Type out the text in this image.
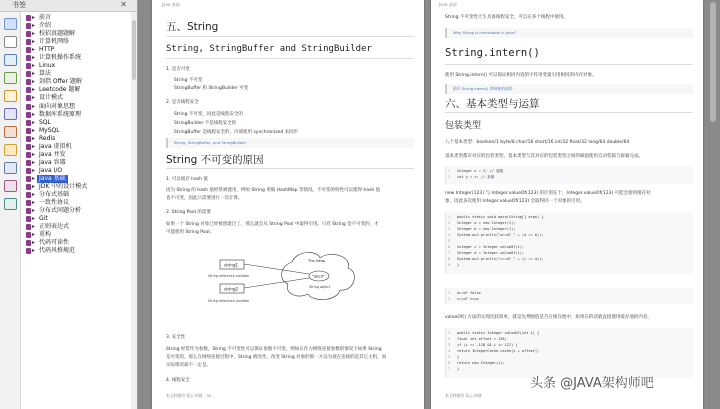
书签	✕
▸ 前言
▸ 介绍
▸ 校招真题题解
▸ 计算机网络
▸ HTTP
▸ 计算机操作系统
▸ Linux
▸ 算法
▸ 剑指 Offer 题解
▸ Leetcode 题解
▸ 设计模式
▸ 面向对象思想
▸ 数据库系统原理
▸ SQL
▸ MySQL
▸ Redis
▸ Java 虚拟机
▸ Java 并发
▸ Java 容器
▸ Java I/O
▸ Java 基础
▸ JDK 中的设计模式
▸ 分布式基础
▸ 一致性协议
▸ 分布式问题分析
▸ Git
▸ 正则表达式
▸ 重构
▸ 代码可读性
▸ 代码风格规范
Java 基础
五、String
String, StringBuffer and StringBuilder
1. 是否可变
String 不可变
StringBuffer 和 StringBuilder 可变
2. 是否线程安全
String 不可变，因此是线程安全的
StringBuilder 不是线程安全的
StringBuffer 是线程安全的，内部使用 synchronized 来同步
String, StringBuffer, and StringBuilder
String 不可变的原因
1. 可以缓存 hash 值
因为 String 的 hash 值经常被使用，例如 String 用做 HashMap 等情况。不可变的特性可以使得 hash 值
也不可变，因此只需要进行一次计算。
2. String Pool 的需要
如果一个 String 对象已经被创建过了，那么就会从 String Pool 中取得引用。只有 String 是不可变的，才
可能使用 String Pool。
string1
string2
String reference variable
String reference variable
The Heap
"abcd"
String object
3. 安全性
String 经常作为参数，String 不可变性可以保证参数不可变。例如在作为网络连接参数的情况下如果 String
是可变的，那么在网络连接过程中，String 被改变，改变 String 对象的那一方以为现在连接的是其它主机，而
实际情况却不一定是。
4. 线程安全
本文档使用 看云 构建 - 32 -
Java 基础
String 不可变性天生具备线程安全，可以在多个线程中使用。
Why String is immutable in Java?
String.intern()
使用 String.intern() 可以保证相同内容的字符串变量引用相同的内存对象。
揭开 String.intern() 那神秘的面纱
六、基本类型与运算
包装类型
八个基本类型：boolean/1 byte/8 char/16 short/16 int/32 float/32 long/64 double/64
基本类型都有对应的包装类型，基本类型与其对应的包装类型之间的赋值使用自动装箱与拆箱完成。
1 Integer x = 2; // 装箱
2 int y = x; // 拆箱
new Integer(123) 与 Integer.valueOf(123) 的区别在于，Integer.valueOf(123) 可能会使用缓存对
象，因此多次使用 Integer.valueOf(123) 会取得同一个对象的引用。
1 public static void main(String[] args) {
2 Integer a = new Integer(1);
3 Integer b = new Integer(1);
4 System.out.println("a==b? " + (a == b));
5
6 Integer c = Integer.valueOf(1);
7 Integer d = Integer.valueOf(1);
8 System.out.println("c==d? " + (c == d));
9 }
1 a==b? false
2 c==d? true
valueOf() 方法的实现比较简单，就是先判断值是否在缓存池中，如果在的话就直接使用缓存池的内容。
1 public static Integer valueOf(int i) {
2 final int offset = 128;
3 if (i >= -128 && i <= 127) {
4 return IntegerCache.cache[i + offset];
5 }
6 return new Integer(i);
7 }
本文档使用 看云 构建
头条 @JAVA架构师吧
